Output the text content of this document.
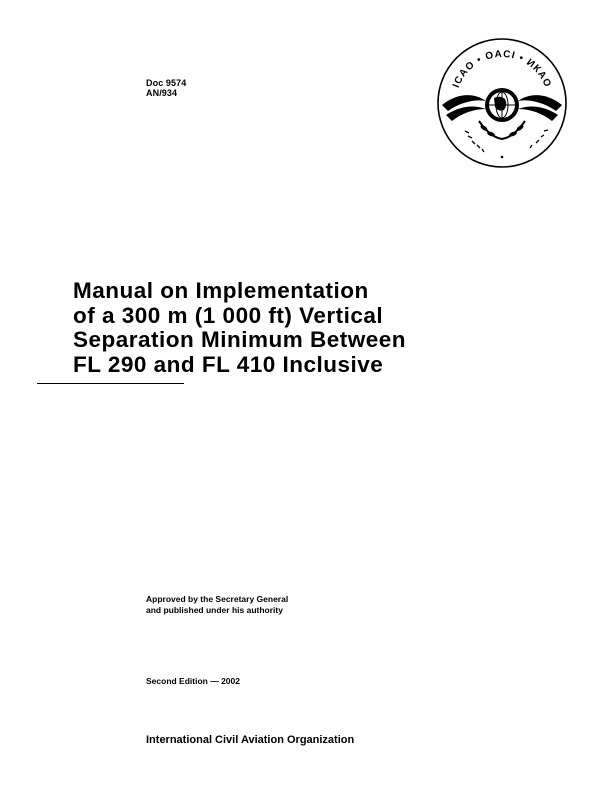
Doc 9574
AN/934
ICAO • OACI • ИКАО
Manual on Implementation
of a 300 m (1 000 ft) Vertical
Separation Minimum Between
FL 290 and FL 410 Inclusive
Approved by the Secretary General
and published under his authority
Second Edition — 2002
International Civil Aviation Organization
